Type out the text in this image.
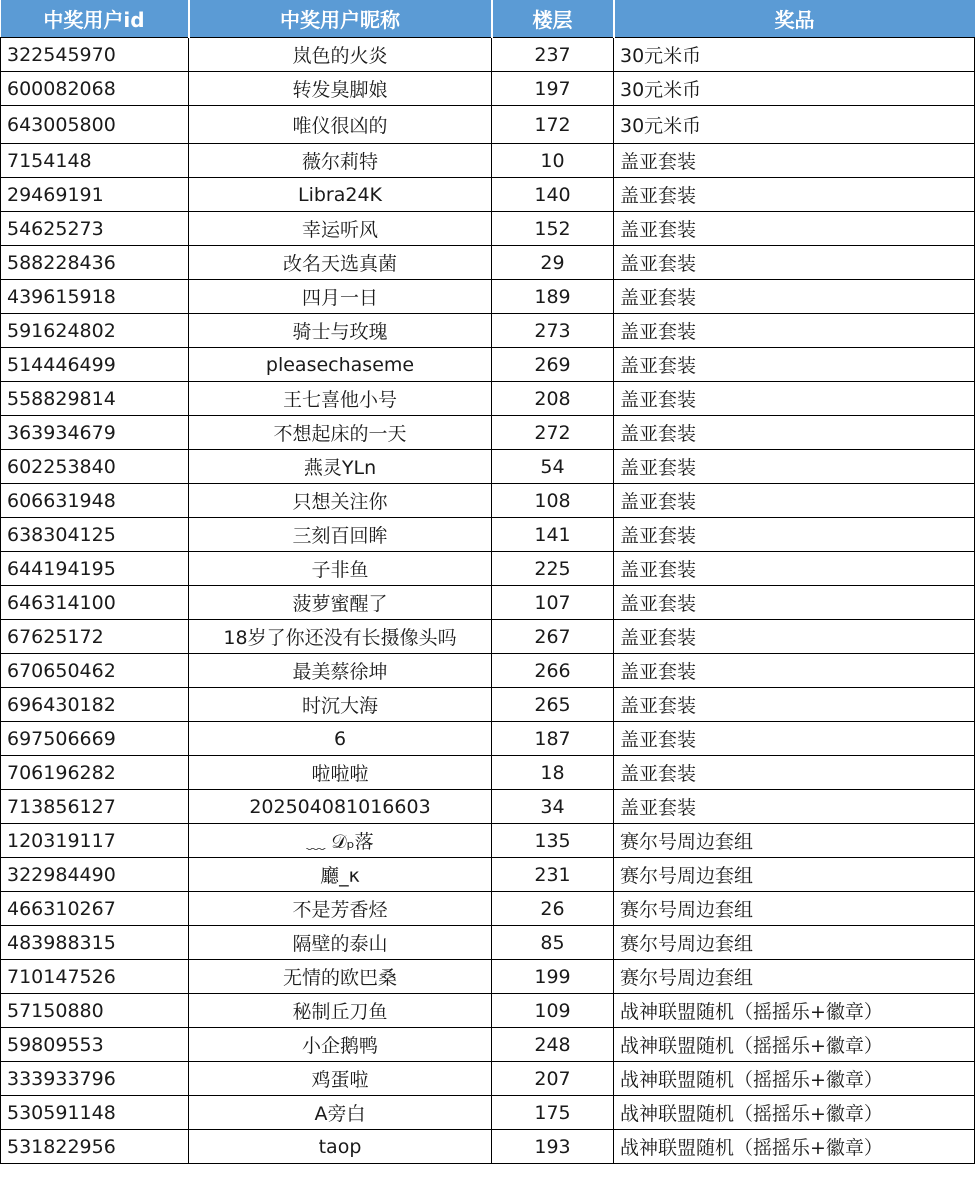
中奖用户id	中奖用户昵称	楼层	奖品
322545970	岚色的火炎	237	30元米币
600082068	转发臭脚娘	197	30元米币
643005800	唯仪很凶的	172	30元米币
7154148	薇尔莉特	10	盖亚套装
29469191	Libra24K	140	盖亚套装
54625273	幸运听风	152	盖亚套装
588228436	改名天选真菌	29	盖亚套装
439615918	四月一日	189	盖亚套装
591624802	骑士与玫瑰	273	盖亚套装
514446499	pleasechaseme	269	盖亚套装
558829814	王七喜他小号	208	盖亚套装
363934679	不想起床的一天	272	盖亚套装
602253840	燕灵YLn	54	盖亚套装
606631948	只想关注你	108	盖亚套装
638304125	三刻百回眸	141	盖亚套装
644194195	子非鱼	225	盖亚套装
646314100	菠萝蜜醒了	107	盖亚套装
67625172	18岁了你还没有长摄像头吗	267	盖亚套装
670650462	最美蔡徐坤	266	盖亚套装
696430182	时沉大海	265	盖亚套装
697506669	6	187	盖亚套装
706196282	啦啦啦	18	盖亚套装
713856127	202504081016603	34	盖亚套装
120319117	﹏ 𝒟ₚ落	135	赛尔号周边套组
322984490	廳_κ	231	赛尔号周边套组
466310267	不是芳香烃	26	赛尔号周边套组
483988315	隔壁的泰山	85	赛尔号周边套组
710147526	无情的欧巴桑	199	赛尔号周边套组
57150880	秘制丘刀鱼	109	战神联盟随机（摇摇乐+徽章）
59809553	小企鹅鸭	248	战神联盟随机（摇摇乐+徽章）
333933796	鸡蛋啦	207	战神联盟随机（摇摇乐+徽章）
530591148	A旁白	175	战神联盟随机（摇摇乐+徽章）
531822956	taop	193	战神联盟随机（摇摇乐+徽章）
